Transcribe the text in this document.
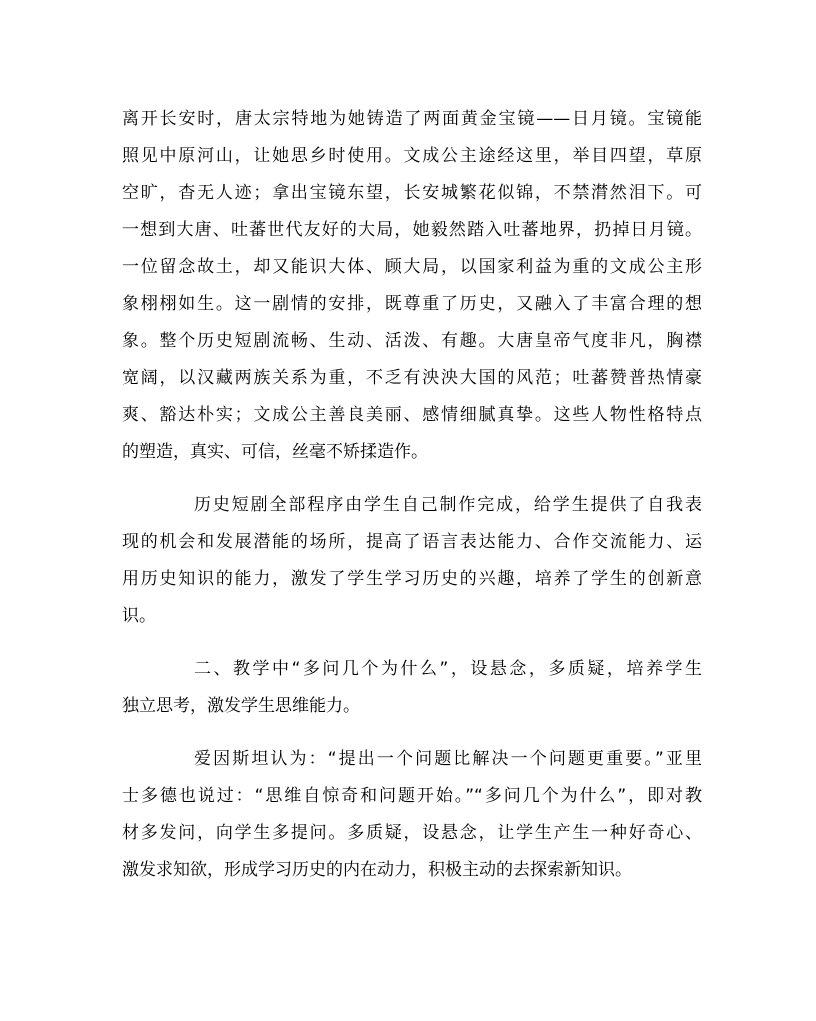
离开长安时，唐太宗特地为她铸造了两面黄金宝镜——日月镜。宝镜能
照见中原河山，让她思乡时使用。文成公主途经这里，举目四望，草原
空旷，杳无人迹；拿出宝镜东望，长安城繁花似锦，不禁潸然泪下。可
一想到大唐、吐蕃世代友好的大局，她毅然踏入吐蕃地界，扔掉日月镜。
一位留念故土，却又能识大体、顾大局，以国家利益为重的文成公主形
象栩栩如生。这一剧情的安排，既尊重了历史，又融入了丰富合理的想
象。整个历史短剧流畅、生动、活泼、有趣。大唐皇帝气度非凡，胸襟
宽阔，以汉藏两族关系为重，不乏有泱泱大国的风范；吐蕃赞普热情豪
爽、豁达朴实；文成公主善良美丽、感情细腻真挚。这些人物性格特点
的塑造，真实、可信，丝毫不矫揉造作。
历史短剧全部程序由学生自己制作完成，给学生提供了自我表
现的机会和发展潜能的场所，提高了语言表达能力、合作交流能力、运
用历史知识的能力，激发了学生学习历史的兴趣，培养了学生的创新意
识。
二、教学中“多问几个为什么”，设悬念，多质疑，培养学生
独立思考，激发学生思维能力。
爱因斯坦认为：“提出一个问题比解决一个问题更重要。”亚里
士多德也说过：“思维自惊奇和问题开始。”“多问几个为什么”，即对教
材多发问，向学生多提问。多质疑，设悬念，让学生产生一种好奇心、
激发求知欲，形成学习历史的内在动力，积极主动的去探索新知识。
